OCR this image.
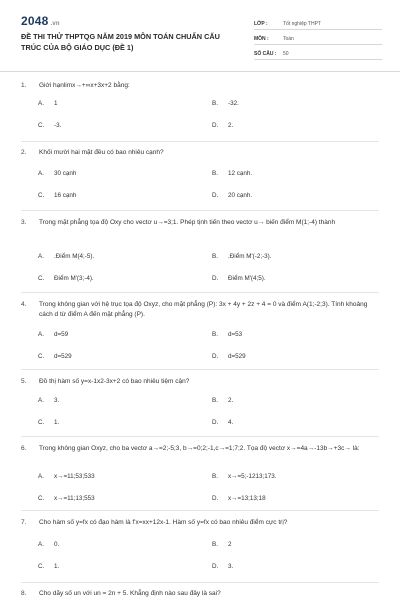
2048 .vn
ĐỀ THI THỬ THPTQG NĂM 2019 MÔN TOÁN CHUẨN CẤU TRÚC CỦA BỘ GIÁO DỤC (ĐỀ 1)
LỚP :	Tốt nghiệp THPT
MÔN :	Toán
SỐ CÂU :	50
1.	Giới hạnlimx→+∞x+3x+2 bằng:
A.	1	B.	-32.
C.	-3.	D.	2.
2.	Khối mười hai mặt đều có bao nhiêu cạnh?
A.	30 cạnh	B.	12 cạnh.
C.	16 cạnh	D.	20 cạnh.
3.	Trong mặt phẳng tọa độ Oxy cho vectơ u→=3;1. Phép tịnh tiến theo vectơ u→ biến điểm M(1;-4) thành
A.	.Điểm M(4;-5).	B.	.Điểm M'(-2;-3).
C.	Điểm M'(3;-4).	D.	Điểm M'(4;5).
4.	Trong không gian với hệ trục tọa độ Oxyz, cho mặt phẳng (P): 3x + 4y + 2z + 4 = 0 và điểm A(1;-2;3). Tính khoảng cách d từ điểm A đến mặt phẳng (P).
A.	d=59	B.	d=53
C.	d=529	D.	d=529
5.	Đồ thị hàm số y=x-1x2-3x+2 có bao nhiêu tiệm cận?
A.	3.	B.	2.
C.	1.	D.	4.
6.	Trong không gian Oxyz, cho ba vectơ a→=2;-5;3, b→=0;2;-1,c→=1;7;2. Tọa độ vectơ x→=4a→-13b→+3c→ là:
A.	x→=11;53;533	B.	x→=5;-1213;173.
C.	x→=11;13;553	D.	x→=13;13;18
7.	Cho hàm số y=fx có đạo hàm là f'x=xx+12x-1. Hàm số y=fx có bao nhiêu điểm cực trị?
A.	0.	B.	2
C.	1.	D.	3.
8.	Cho dãy số un với un = 2n + 5. Khẳng định nào sau đây là sai?
